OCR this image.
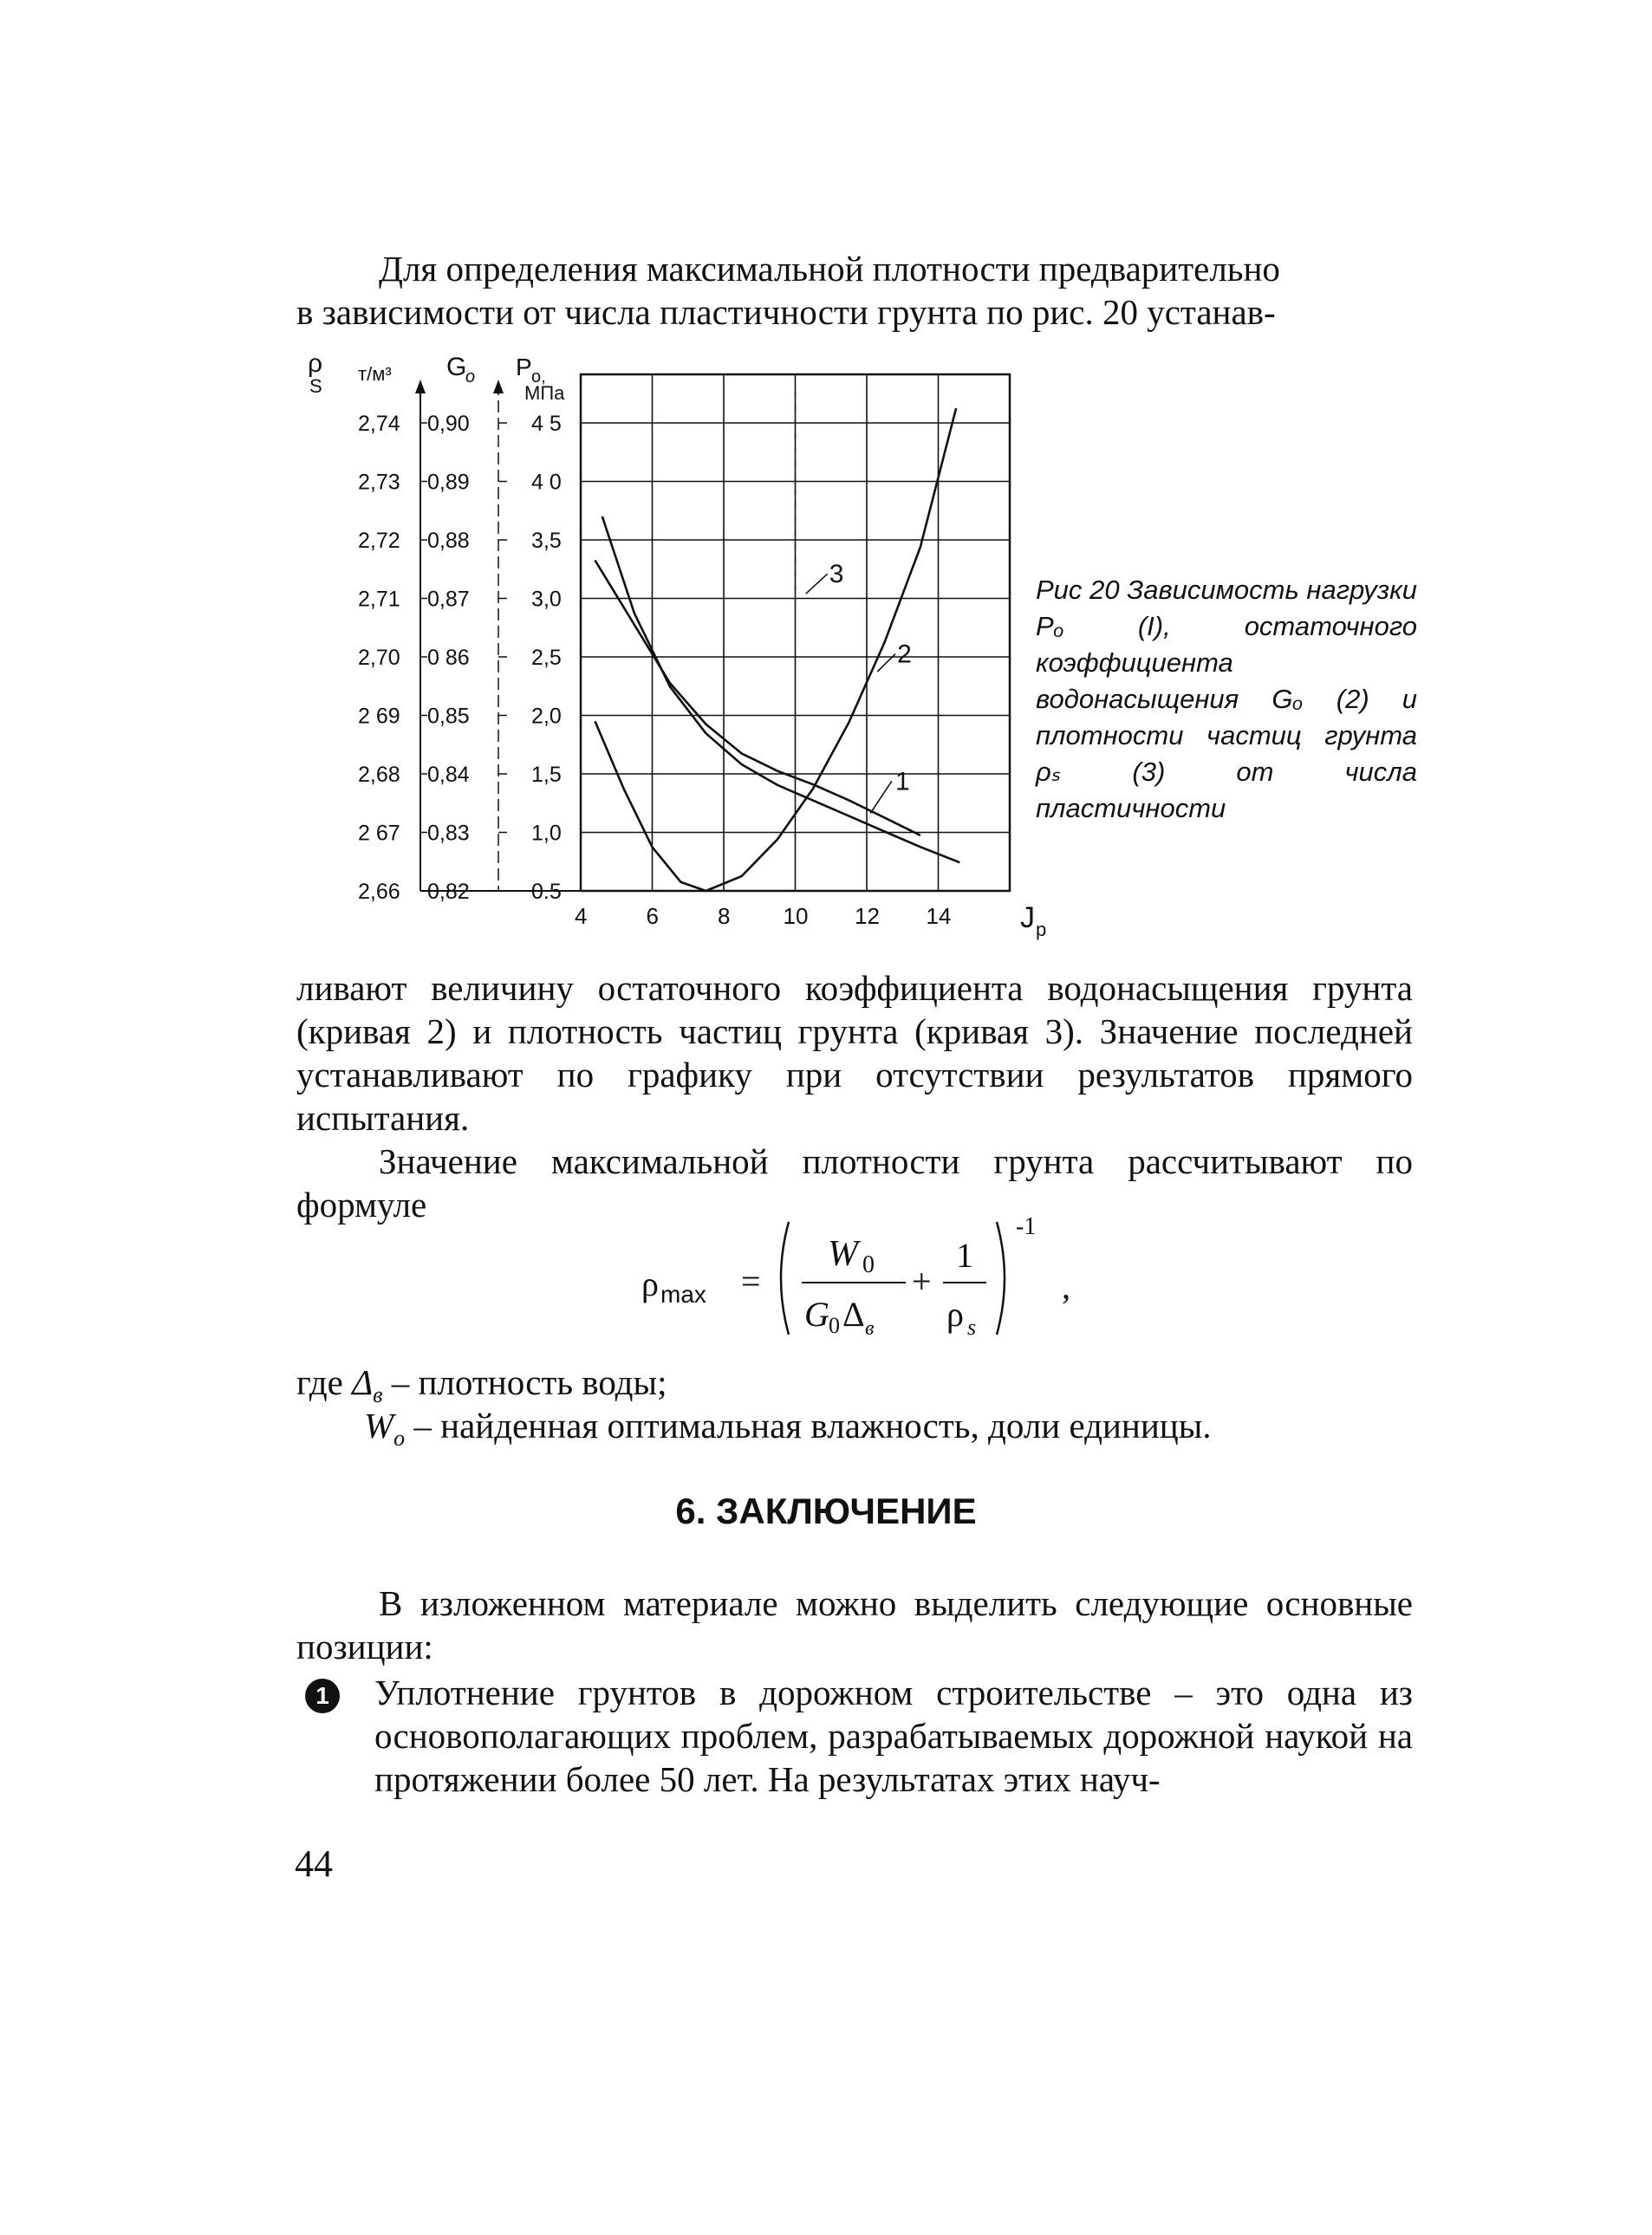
Для определения максимальной плотности предварительно

в зависимости от числа пластичности грунта по рис. 20 устанав-

ρ
S
т/м³ G
o P o,
МПа
2,74 0,90	4 5
2,73 0,89	4 0
2,72 0,88	3,5
2,71 0,87	3,0
2,70 0 86	2,5
2 69 0,85	2,0
2,68 0,84	1,5
2 67 0,83	1,0
2,66 0,82	0.5
4	6	8 10 12 14 J p
3
2
1

Рис 20 Зависимость нагрузки Pₒ (I), остаточного коэффициента водонасыщения Gₒ (2) и плотности частиц грунта ρₛ (3) от числа пластичности

ливают величину остаточного коэффициента водонасыщения грунта (кривая 2) и плотность частиц грунта (кривая 3). Значение последней устанавливают по графику при отсутствии результатов прямого испытания.

Значение максимальной плотности грунта рассчитывают по формуле

ρ max =
W 0
G 0 Δ в
+
1
ρ s
-1
,

где $\Delta_в$ – плотность воды;

$W_o$ – найденная оптимальная влажность, доли единицы.

6. ЗАКЛЮЧЕНИЕ

В изложенном материале можно выделить следующие основные позиции:

1 Уплотнение грунтов в дорожном строительстве – это одна из основополагающих проблем, разрабатываемых дорожной наукой на протяжении более 50 лет. На результатах этих науч-

44
